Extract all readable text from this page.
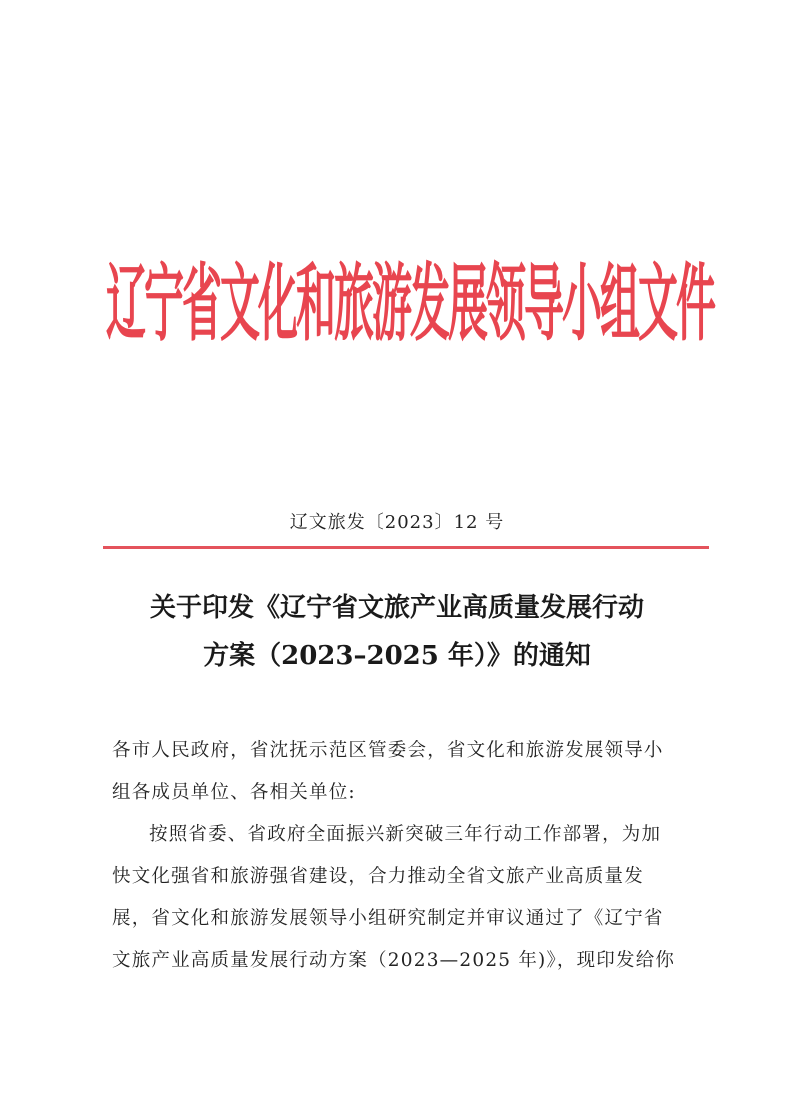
辽宁省文化和旅游发展领导小组文件
辽文旅发〔2023〕12 号
关于印发《辽宁省文旅产业高质量发展行动
方案（2023–2025 年）》的通知
各市人民政府，省沈抚示范区管委会，省文化和旅游发展领导小
组各成员单位、各相关单位:
按照省委、省政府全面振兴新突破三年行动工作部署，为加
快文化强省和旅游强省建设，合力推动全省文旅产业高质量发
展，省文化和旅游发展领导小组研究制定并审议通过了《辽宁省
文旅产业高质量发展行动方案（2023—2025 年)》，现印发给你
